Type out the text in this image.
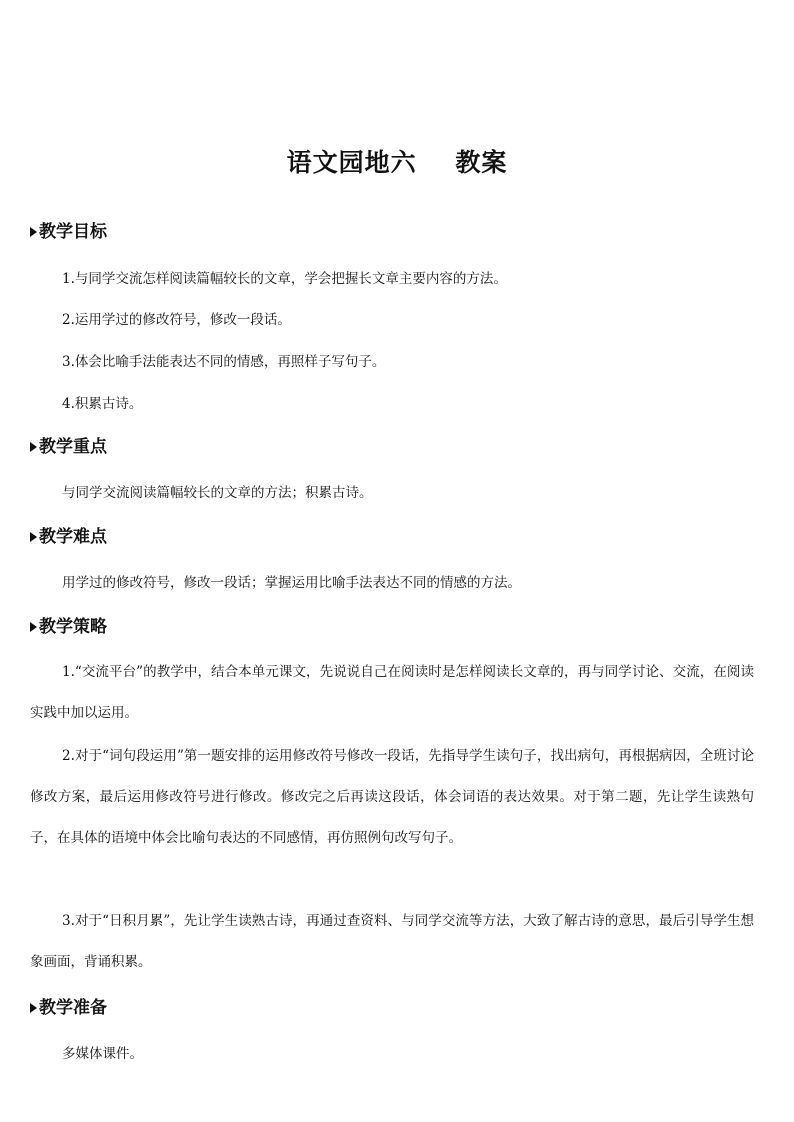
语文园地六    教案
教学目标
1.与同学交流怎样阅读篇幅较长的文章，学会把握长文章主要内容的方法。
2.运用学过的修改符号，修改一段话。
3.体会比喻手法能表达不同的情感，再照样子写句子。
4.积累古诗。
教学重点
与同学交流阅读篇幅较长的文章的方法；积累古诗。
教学难点
用学过的修改符号，修改一段话；掌握运用比喻手法表达不同的情感的方法。
教学策略
1.“交流平台”的教学中，结合本单元课文，先说说自己在阅读时是怎样阅读长文章的，再与同学讨论、交流，在阅读实践中加以运用。
2.对于“词句段运用”第一题安排的运用修改符号修改一段话，先指导学生读句子，找出病句，再根据病因，全班讨论修改方案，最后运用修改符号进行修改。修改完之后再读这段话，体会词语的表达效果。对于第二题，先让学生读熟句子，在具体的语境中体会比喻句表达的不同感情，再仿照例句改写句子。
3.对于“日积月累”，先让学生读熟古诗，再通过查资料、与同学交流等方法，大致了解古诗的意思，最后引导学生想象画面，背诵积累。
教学准备
多媒体课件。
